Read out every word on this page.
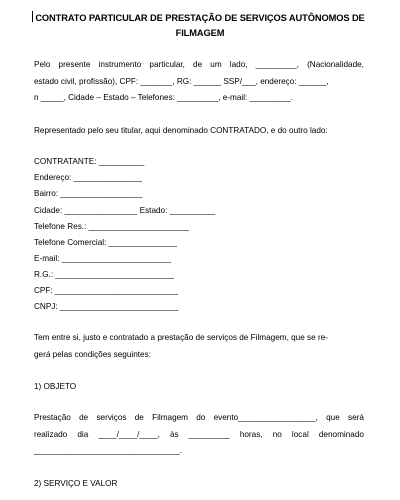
CONTRATO PARTICULAR DE PRESTAÇÃO DE SERVIÇOS AUTÔNOMOS DE
FILMAGEM
Pelo presente instrumento particular, de um lado, _________, (Nacionalidade,
estado civil, profissão), CPF: _______, RG: ______ SSP/___, endereço: ______,
n _____, Cidade – Estado – Telefones: _________, e-mail: _________.
Representado pelo seu titular, aqui denominado CONTRATADO, e do outro lado:
CONTRATANTE: __________
Endereço: _______________
Bairro: __________________
Cidade: ________________ Estado: __________
Telefone Res.: ______________________
Telefone Comercial: _______________
E-mail: ________________________
R.G.: __________________________
CPF: ___________________________
CNPJ: __________________________
Tem entre si, justo e contratado a prestação de serviços de Filmagem, que se re-
gerá pelas condições seguintes:
1) OBJETO
Prestação de serviços de Filmagem do evento_________________, que será
realizado dia ____/____/____, às _________ horas, no local denominado
________________________________.
2) SERVIÇO E VALOR
